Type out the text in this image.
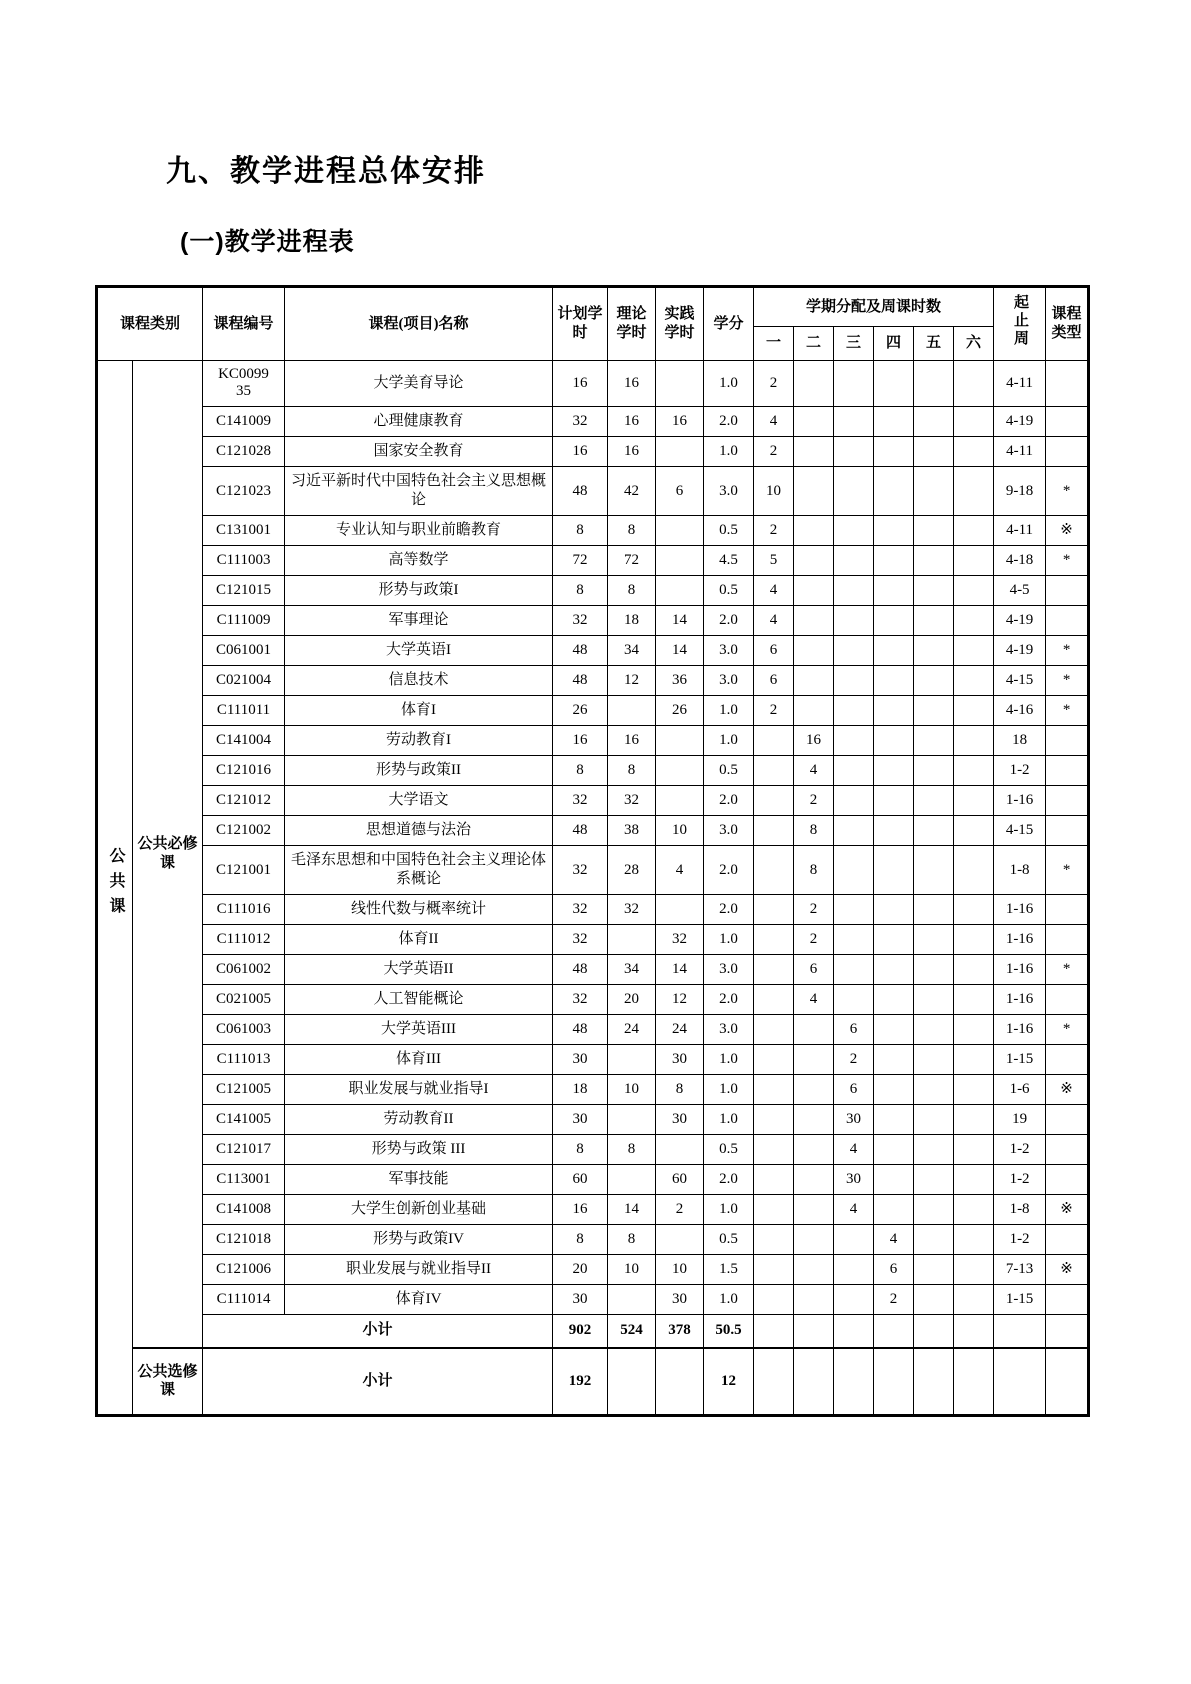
九、教学进程总体安排
(一)教学进程表
课程类别		课程编号	课程(项目)名称	计划学时	理论学时	实践学时	学分	学期分配及周课时数						起止周	课程类型
								一	二	三	四	五	六		
公共课	公共必修课	KC009935	大学美育导论	16	16		1.0	2						4-11	
		C141009	心理健康教育	32	16	16	2.0	4						4-19	
		C121028	国家安全教育	16	16		1.0	2						4-11	
		C121023	习近平新时代中国特色社会主义思想概论	48	42	6	3.0	10						9-18	*
		C131001	专业认知与职业前瞻教育	8	8		0.5	2						4-11	※
		C111003	高等数学	72	72		4.5	5						4-18	*
		C121015	形势与政策I	8	8		0.5	4						4-5	
		C111009	军事理论	32	18	14	2.0	4						4-19	
		C061001	大学英语I	48	34	14	3.0	6						4-19	*
		C021004	信息技术	48	12	36	3.0	6						4-15	*
		C111011	体育I	26		26	1.0	2						4-16	*
		C141004	劳动教育I	16	16		1.0		16					18	
		C121016	形势与政策II	8	8		0.5		4					1-2	
		C121012	大学语文	32	32		2.0		2					1-16	
		C121002	思想道德与法治	48	38	10	3.0		8					4-15	
		C121001	毛泽东思想和中国特色社会主义理论体系概论	32	28	4	2.0		8					1-8	*
		C111016	线性代数与概率统计	32	32		2.0		2					1-16	
		C111012	体育II	32		32	1.0		2					1-16	
		C061002	大学英语II	48	34	14	3.0		6					1-16	*
		C021005	人工智能概论	32	20	12	2.0		4					1-16	
		C061003	大学英语III	48	24	24	3.0			6				1-16	*
		C111013	体育III	30		30	1.0			2				1-15	
		C121005	职业发展与就业指导I	18	10	8	1.0			6				1-6	※
		C141005	劳动教育II	30		30	1.0			30				19	
		C121017	形势与政策 III	8	8		0.5			4				1-2	
		C113001	军事技能	60		60	2.0			30				1-2	
		C141008	大学生创新创业基础	16	14	2	1.0			4				1-8	※
		C121018	形势与政策IV	8	8		0.5				4			1-2	
		C121006	职业发展与就业指导II	20	10	10	1.5				6			7-13	※
		C111014	体育IV	30		30	1.0				2			1-15	
		小计		902	524	378	50.5								
	公共选修课	小计		192			12								
